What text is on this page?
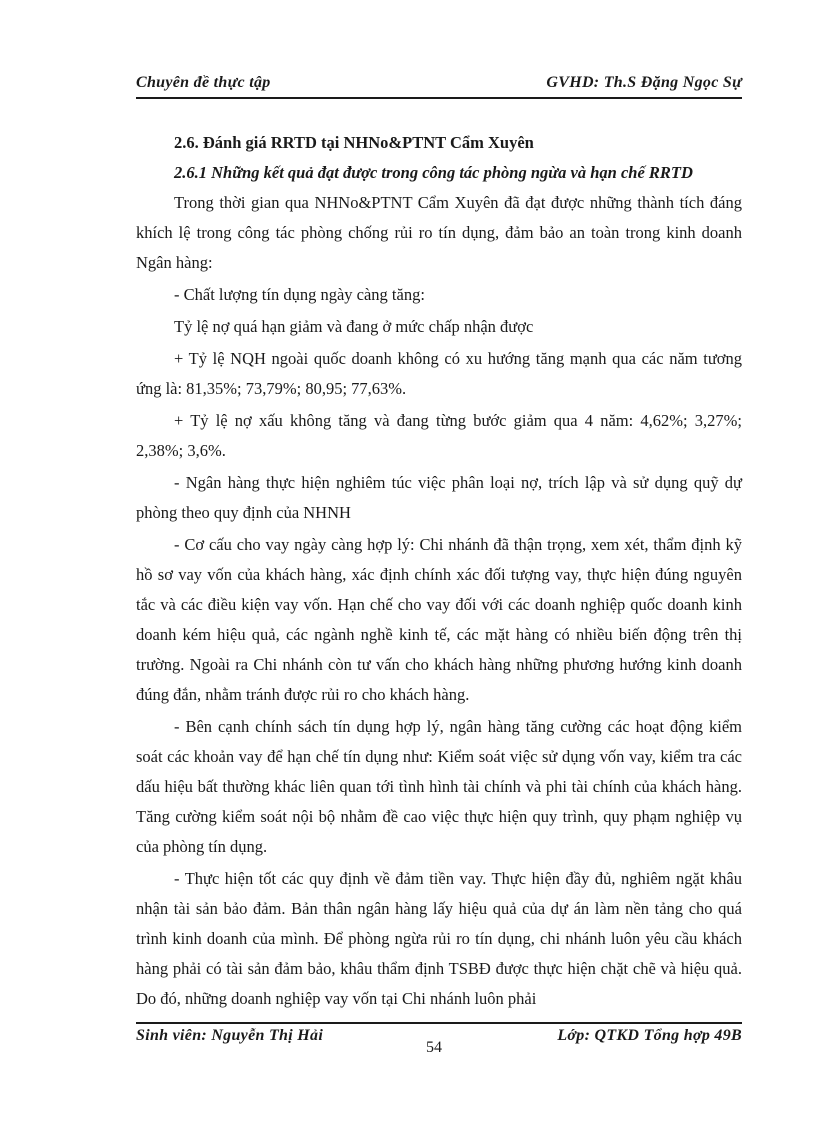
Chuyên đề thực tập	GVHD: Th.S Đặng Ngọc Sự
2.6. Đánh giá RRTD tại NHNo&PTNT Cẩm Xuyên
2.6.1 Những kết quả đạt được trong công tác phòng ngừa và hạn chế RRTD

Trong thời gian qua NHNo&PTNT Cẩm Xuyên đã đạt được những thành tích đáng khích lệ trong công tác phòng chống rủi ro tín dụng, đảm bảo an toàn trong kinh doanh Ngân hàng:

- Chất lượng tín dụng ngày càng tăng:

Tỷ lệ nợ quá hạn giảm và đang ở mức chấp nhận được

+ Tỷ lệ NQH ngoài quốc doanh không có xu hướng tăng mạnh qua các năm tương ứng là: 81,35%; 73,79%; 80,95; 77,63%.

+ Tỷ lệ nợ xấu không tăng và đang từng bước giảm qua 4 năm: 4,62%; 3,27%; 2,38%; 3,6%.

- Ngân hàng thực hiện nghiêm túc việc phân loại nợ, trích lập và sử dụng quỹ dự phòng theo quy định của NHNH

- Cơ cấu cho vay ngày càng hợp lý: Chi nhánh đã thận trọng, xem xét, thẩm định kỹ hồ sơ vay vốn của khách hàng, xác định chính xác đối tượng vay, thực hiện đúng nguyên tắc và các điều kiện vay vốn. Hạn chế cho vay đối với các doanh nghiệp quốc doanh kinh doanh kém hiệu quả, các ngành nghề kinh tế, các mặt hàng có nhiều biến động trên thị trường. Ngoài ra Chi nhánh còn tư vấn cho khách hàng những phương hướng kinh doanh đúng đắn, nhằm tránh được rủi ro cho khách hàng.

- Bên cạnh chính sách tín dụng hợp lý, ngân hàng tăng cường các hoạt động kiểm soát các khoản vay để hạn chế tín dụng như: Kiểm soát việc sử dụng vốn vay, kiểm tra các dấu hiệu bất thường khác liên quan tới tình hình tài chính và phi tài chính của khách hàng. Tăng cường kiểm soát nội bộ nhằm đề cao việc thực hiện quy trình, quy phạm nghiệp vụ của phòng tín dụng.

- Thực hiện tốt các quy định về đảm tiền vay. Thực hiện đầy đủ, nghiêm ngặt khâu nhận tài sản bảo đảm. Bản thân ngân hàng lấy hiệu quả của dự án làm nền tảng cho quá trình kinh doanh của mình. Để phòng ngừa rủi ro tín dụng, chi nhánh luôn yêu cầu khách hàng phải có tài sản đảm bảo, khâu thẩm định TSBĐ được thực hiện chặt chẽ và hiệu quả. Do đó, những doanh nghiệp vay vốn tại Chi nhánh luôn phải

Sinh viên: Nguyễn Thị Hải
54
Lớp: QTKD Tổng hợp 49B
